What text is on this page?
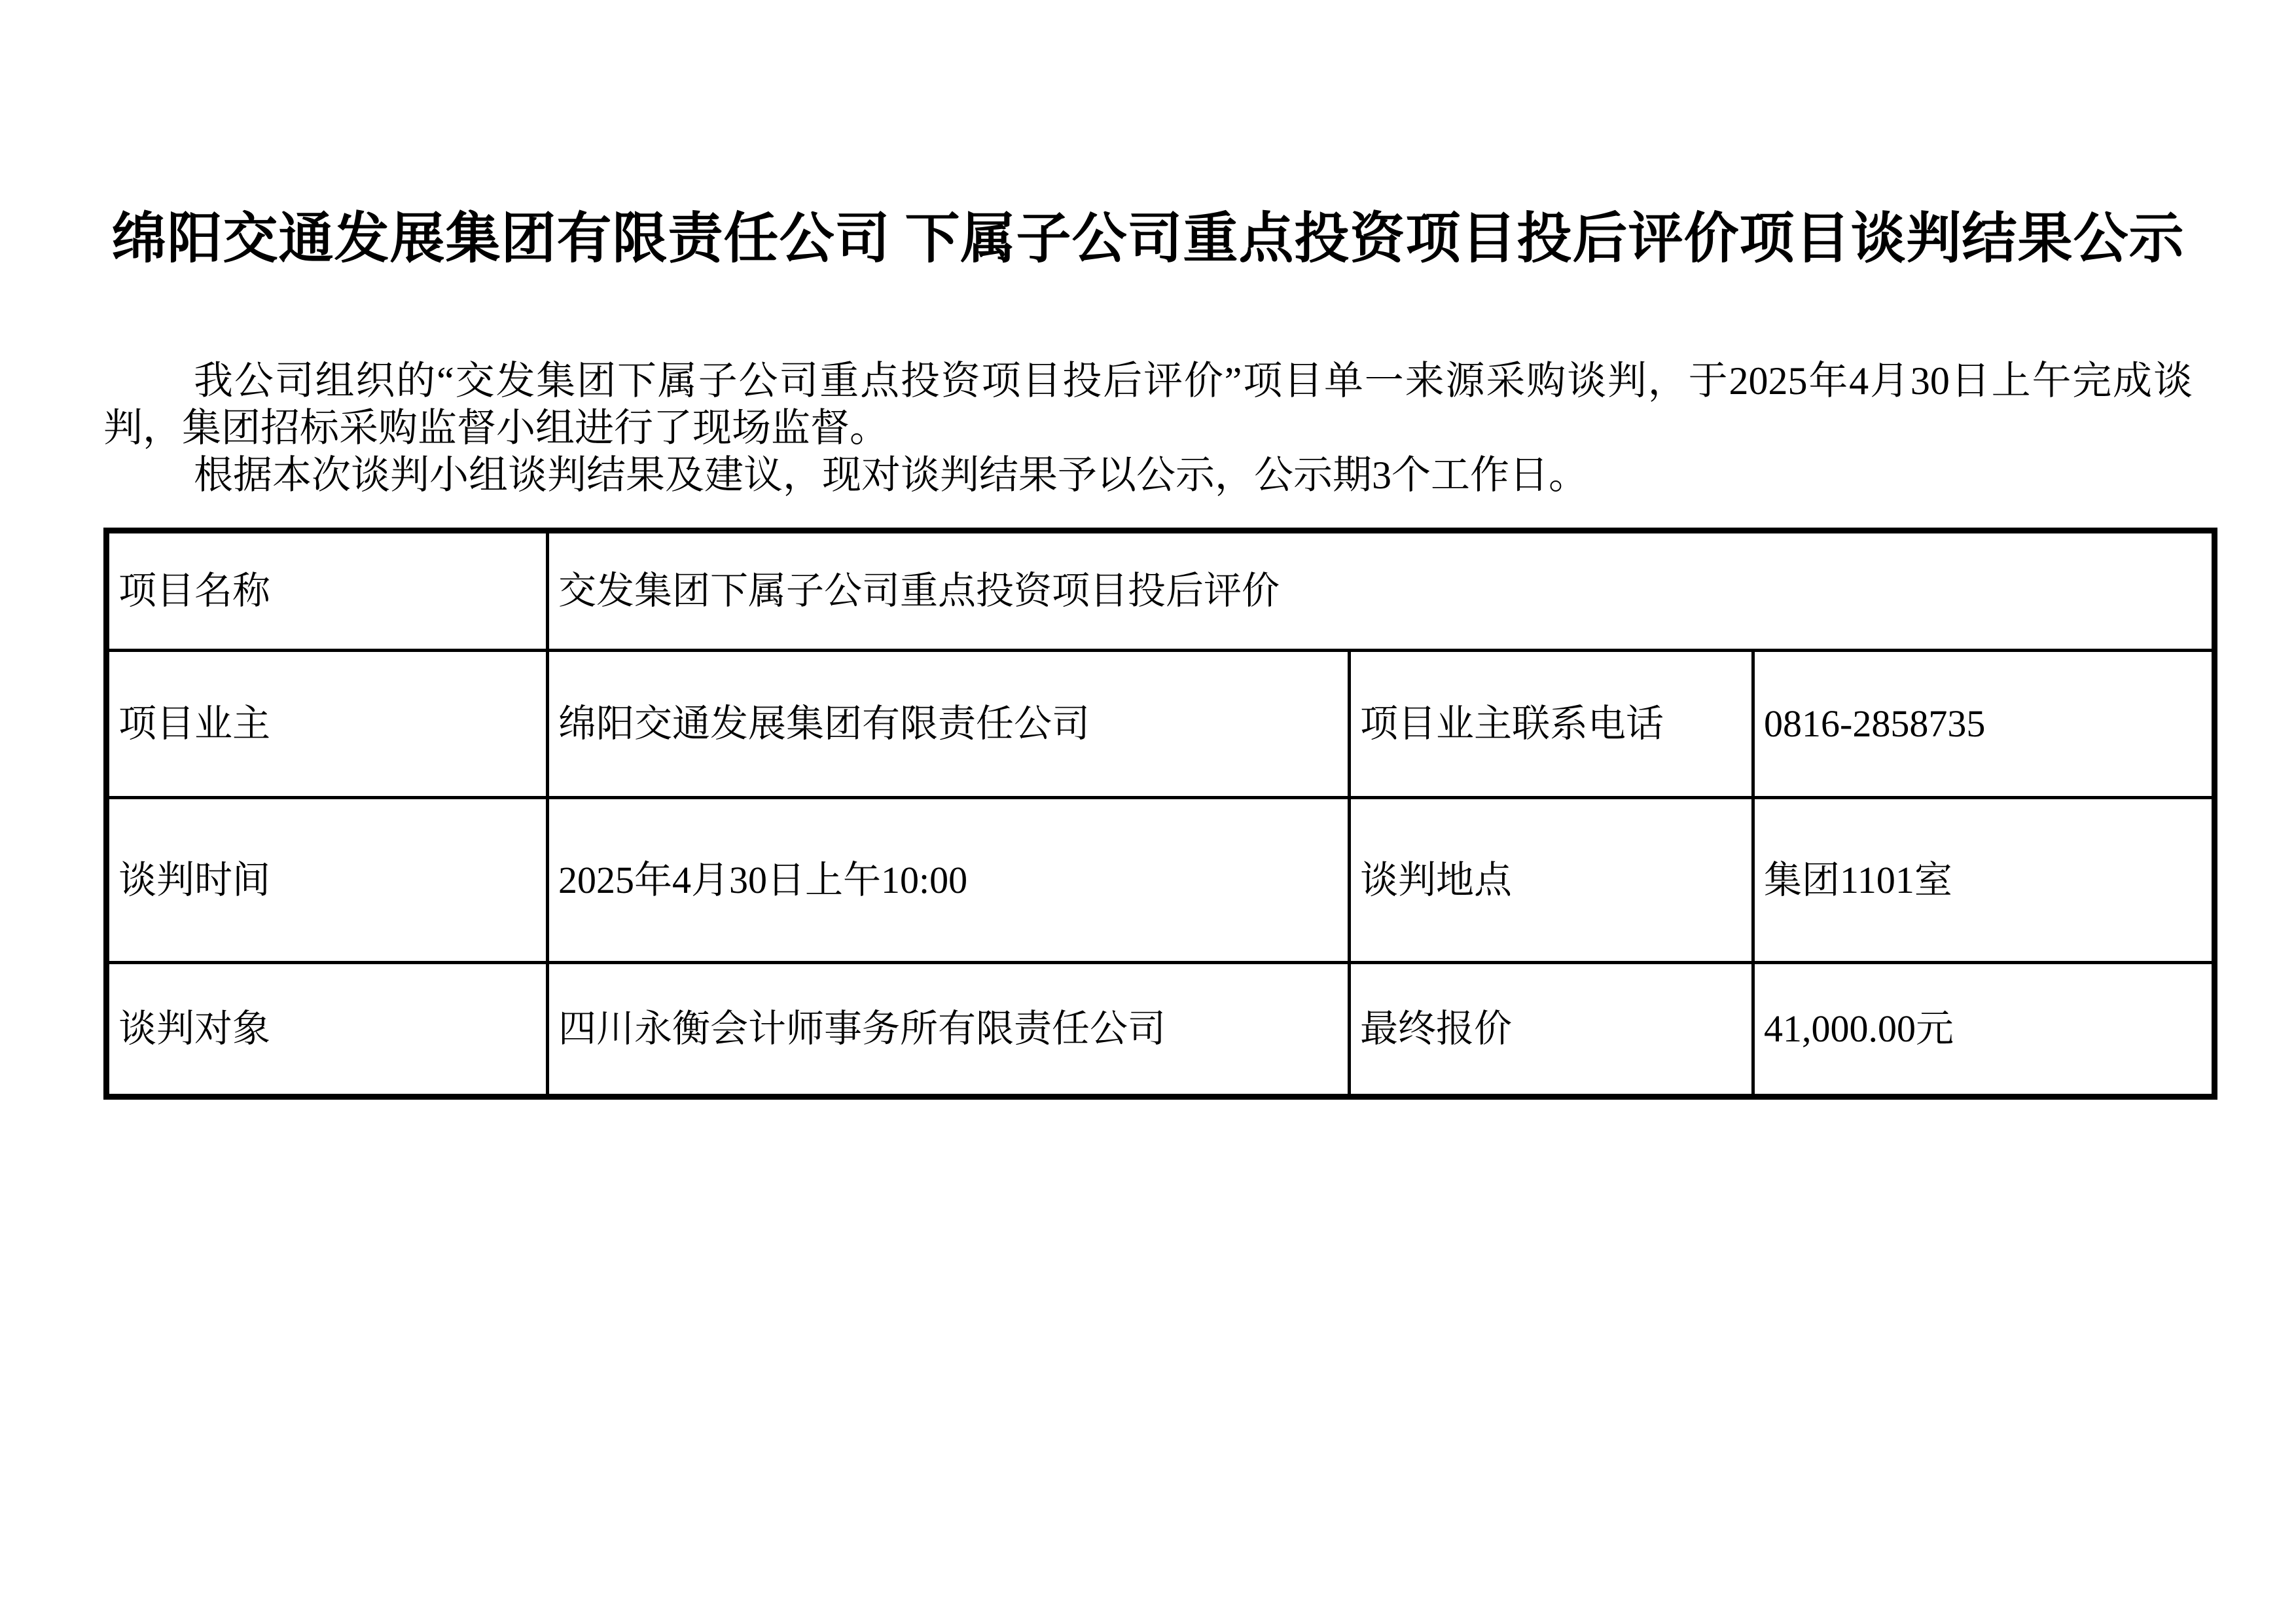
绵阳交通发展集团有限责任公司 下属子公司重点投资项目投后评价项目谈判结果公示

我公司组织的“交发集团下属子公司重点投资项目投后评价”项目单一来源采购谈判，于2025年4月30日上午完成谈判，集团招标采购监督小组进行了现场监督。

根据本次谈判小组谈判结果及建议，现对谈判结果予以公示，公示期3个工作日。

项目名称	交发集团下属子公司重点投资项目投后评价		
项目业主	绵阳交通发展集团有限责任公司	项目业主联系电话	0816-2858735
谈判时间	2025年4月30日上午10:00	谈判地点	集团1101室
谈判对象	四川永衡会计师事务所有限责任公司	最终报价	41,000.00元
